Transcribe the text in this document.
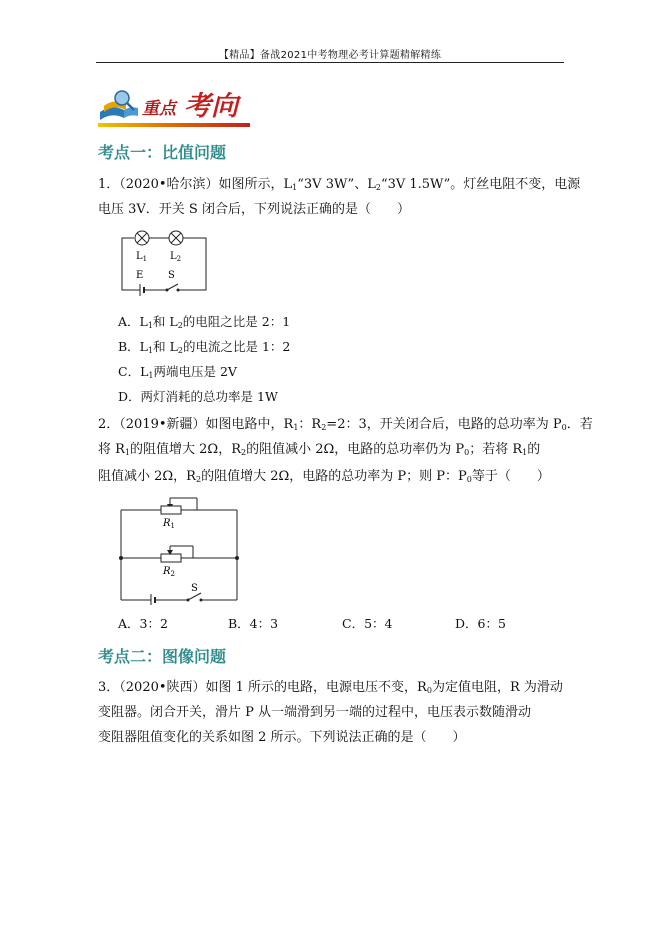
【精品】备战2021中考物理必考计算题精解精练
重点 考向
考点一：比值问题
1．（2020•哈尔滨）如图所示，$L_1“3V$ 3W”、$L_2“3V$ 1.5W”。灯丝电阻不变，电源
电压 3V．开关 S 闭合后，下列说法正确的是（　　）
$L_1$ $L_2$
E S
A．$L_1$和 $L_2$的电阻之比是 2：1
B．$L_1$和 $L_2$的电流之比是 1：2
C．$L_1$两端电压是 2V
D．两灯消耗的总功率是 1W
2．（2019•新疆）如图电路中，$R_1$：$R_2=2$：3，开关闭合后，电路的总功率为 $P_0$．若
将 $R_1$的阻值增大 2Ω，$R_2$的阻值减小 2Ω，电路的总功率仍为 $P_0$；若将 $R_1$的
阻值减小 2Ω，$R_2$的阻值增大 2Ω，电路的总功率为 P；则 P：$P_0$等于（　　）
$R_1$
$R_2$
S
A．3：2	B．4：3	C．5：4	D．6：5
考点二：图像问题
3．（2020•陕西）如图 1 所示的电路，电源电压不变，$R_0$为定值电阻，R 为滑动
变阻器。闭合开关，滑片 P 从一端滑到另一端的过程中，电压表示数随滑动
变阻器阻值变化的关系如图 2 所示。下列说法正确的是（　　）
